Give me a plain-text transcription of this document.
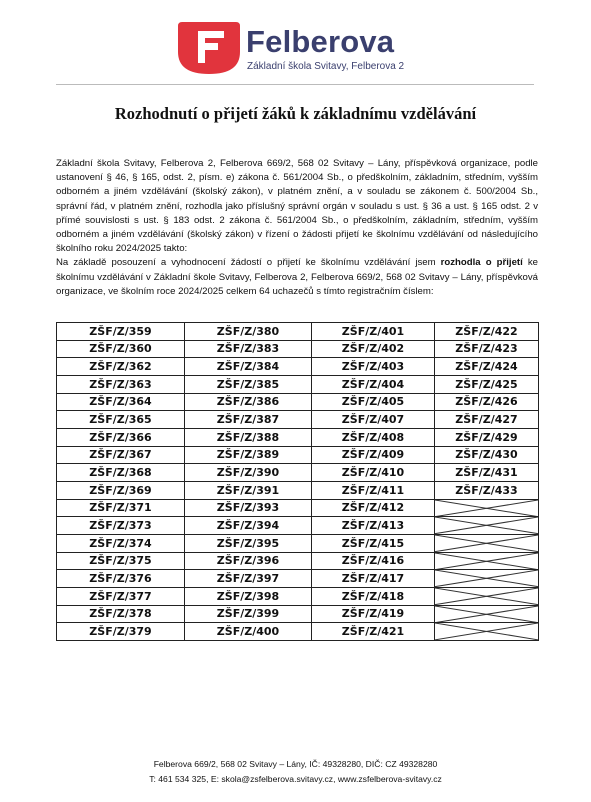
Felberova
Základní škola Svitavy, Felberova 2
Rozhodnutí o přijetí žáků k základnímu vzdělávání

Základní škola Svitavy, Felberova 2, Felberova 669/2, 568 02 Svitavy – Lány, příspěvková organizace, podle ustanovení § 46, § 165, odst. 2, písm. e) zákona č. 561/2004 Sb., o předškolním, základním, středním, vyšším odborném a jiném vzdělávání (školský zákon), v platném znění, a v souladu se zákonem č. 500/2004 Sb., správní řád, v platném znění, rozhodla jako příslušný správní orgán v souladu s ust. § 36 a ust. § 165 odst. 2 v přímé souvislosti s ust. § 183 odst. 2 zákona č. 561/2004 Sb., o předškolním, základním, středním, vyšším odborném a jiném vzdělávání (školský zákon) v řízení o žádosti přijetí ke školnímu vzdělávání od následujícího školního roku 2024/2025 takto:

Na základě posouzení a vyhodnocení žádostí o přijetí ke školnímu vzdělávání jsem rozhodla o přijetí ke školnímu vzdělávání v Základní škole Svitavy, Felberova 2, Felberova 669/2, 568 02 Svitavy – Lány, příspěvková organizace, ve školním roce 2024/2025 celkem 64 uchazečů s tímto registračním číslem:

ZŠF/Z/359	ZŠF/Z/380	ZŠF/Z/401	ZŠF/Z/422
ZŠF/Z/360	ZŠF/Z/383	ZŠF/Z/402	ZŠF/Z/423
ZŠF/Z/362	ZŠF/Z/384	ZŠF/Z/403	ZŠF/Z/424
ZŠF/Z/363	ZŠF/Z/385	ZŠF/Z/404	ZŠF/Z/425
ZŠF/Z/364	ZŠF/Z/386	ZŠF/Z/405	ZŠF/Z/426
ZŠF/Z/365	ZŠF/Z/387	ZŠF/Z/407	ZŠF/Z/427
ZŠF/Z/366	ZŠF/Z/388	ZŠF/Z/408	ZŠF/Z/429
ZŠF/Z/367	ZŠF/Z/389	ZŠF/Z/409	ZŠF/Z/430
ZŠF/Z/368	ZŠF/Z/390	ZŠF/Z/410	ZŠF/Z/431
ZŠF/Z/369	ZŠF/Z/391	ZŠF/Z/411	ZŠF/Z/433
ZŠF/Z/371	ZŠF/Z/393	ZŠF/Z/412	

ZŠF/Z/373	ZŠF/Z/394	ZŠF/Z/413	

ZŠF/Z/374	ZŠF/Z/395	ZŠF/Z/415	

ZŠF/Z/375	ZŠF/Z/396	ZŠF/Z/416	

ZŠF/Z/376	ZŠF/Z/397	ZŠF/Z/417	

ZŠF/Z/377	ZŠF/Z/398	ZŠF/Z/418	

ZŠF/Z/378	ZŠF/Z/399	ZŠF/Z/419	

ZŠF/Z/379	ZŠF/Z/400	ZŠF/Z/421	
Felberova 669/2, 568 02 Svitavy – Lány, IČ: 49328280, DIČ: CZ 49328280
T: 461 534 325, E: skola@zsfelberova.svitavy.cz, www.zsfelberova-svitavy.cz
